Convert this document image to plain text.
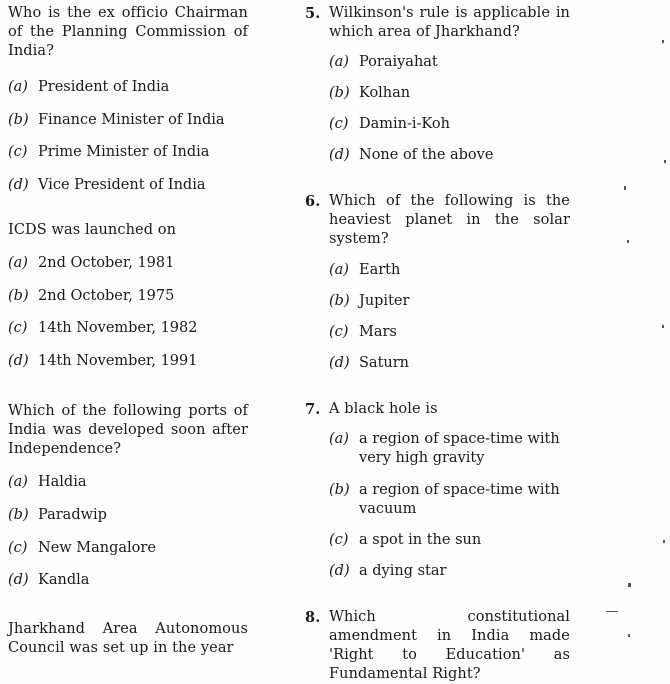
Who is the ex officio Chairman of the Planning Commission of India?
(a) President of India
(b) Finance Minister of India
(c) Prime Minister of India
(d) Vice President of India
ICDS was launched on
(a) 2nd October, 1981
(b) 2nd October, 1975
(c) 14th November, 1982
(d) 14th November, 1991
Which of the following ports of India was developed soon after Independence?
(a) Haldia
(b) Paradwip
(c) New Mangalore
(d) Kandla
Jharkhand Area Autonomous Council was set up in the year
5. Wilkinson's rule is applicable in which area of Jharkhand?
(a) Poraiyahat
(b) Kolhan
(c) Damin-i-Koh
(d) None of the above
6. Which of the following is the heaviest planet in the solar system?
(a) Earth
(b) Jupiter
(c) Mars
(d) Saturn
7. A black hole is
(a) a region of space-time with very high gravity
(b) a region of space-time with vacuum
(c) a spot in the sun
(d) a dying star
8. Which constitutional amendment in India made 'Right to Education' as Fundamental Right?
